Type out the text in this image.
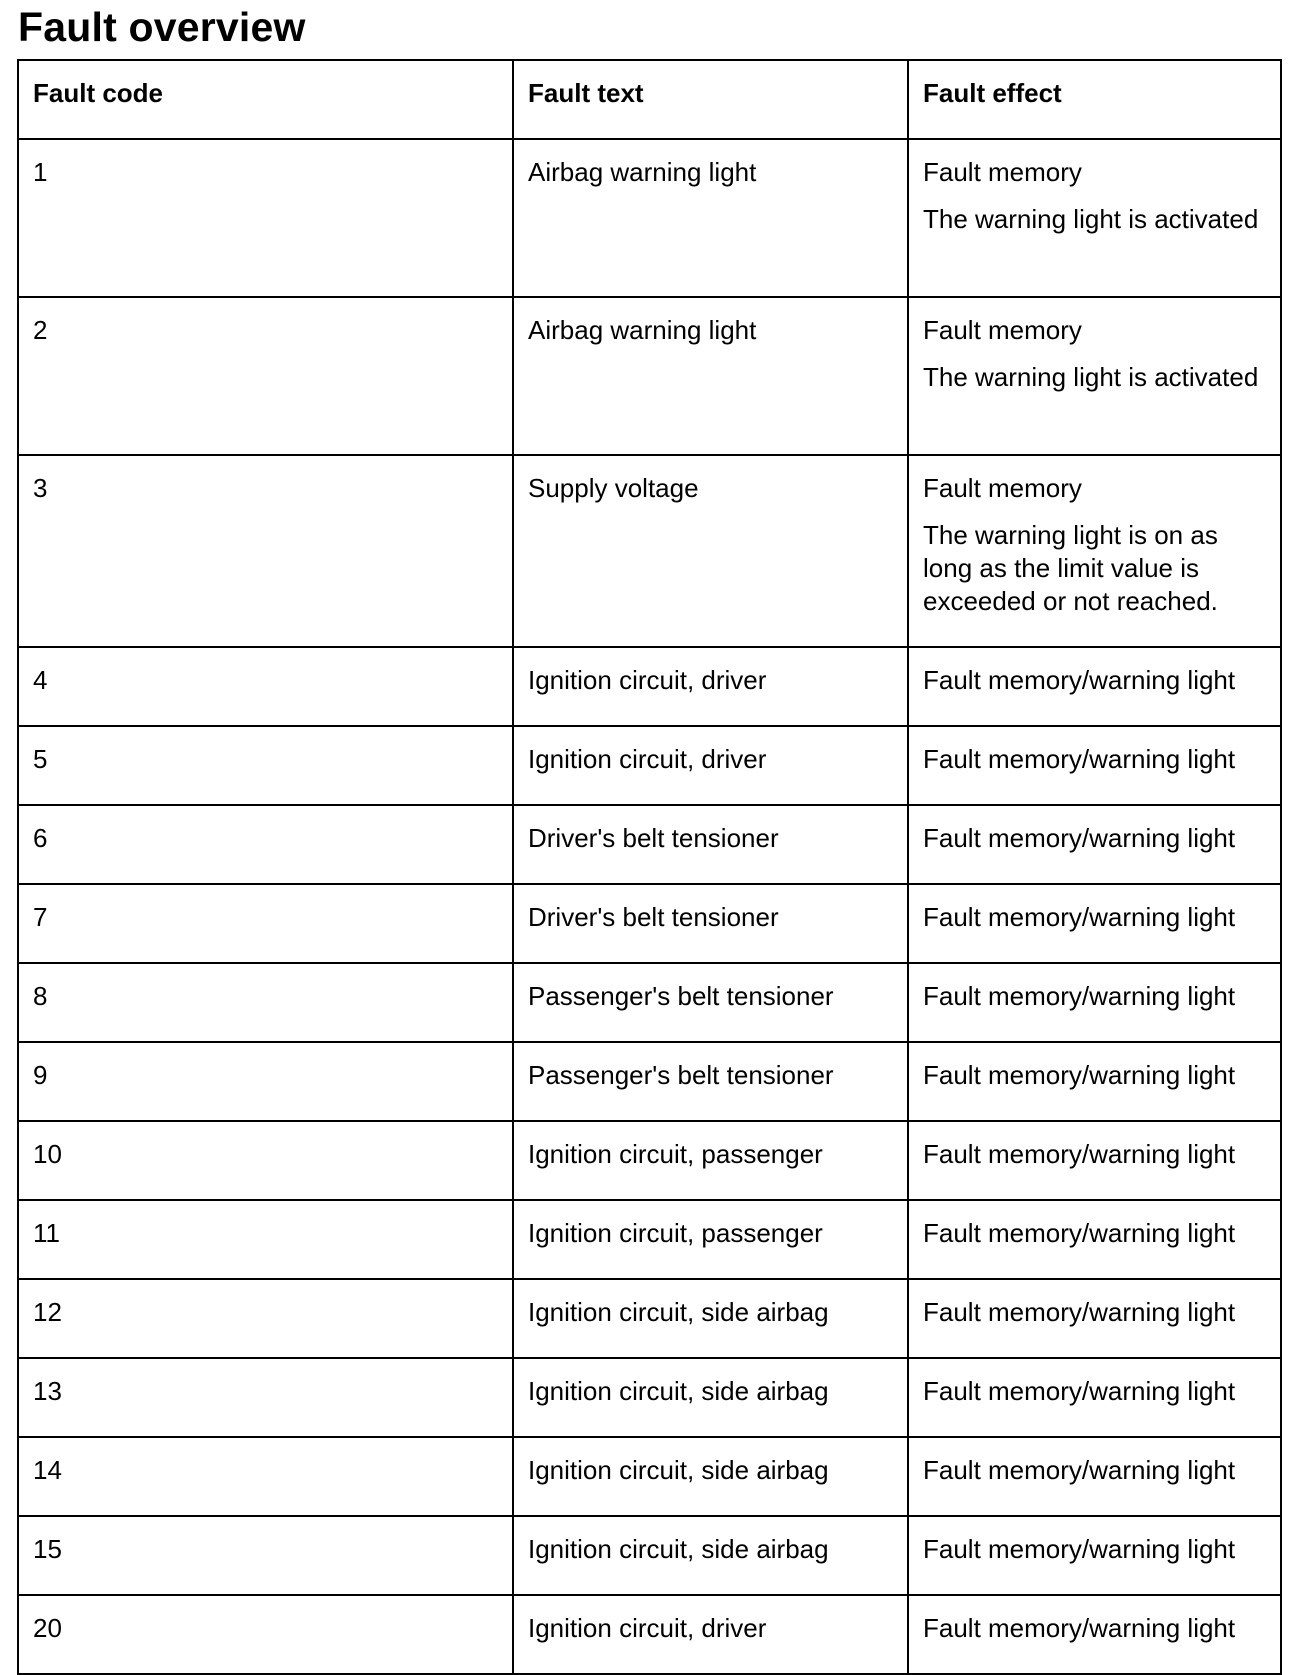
Fault overview
Fault code	Fault text	Fault effect
1	Airbag warning light	Fault memory
The warning light is activated

2	Airbag warning light	Fault memory
The warning light is activated

3	Supply voltage	Fault memory
The warning light is on as long as the limit value is exceeded or not reached.

4	Ignition circuit, driver	Fault memory/warning light

5	Ignition circuit, driver	Fault memory/warning light

6	Driver's belt tensioner	Fault memory/warning light

7	Driver's belt tensioner	Fault memory/warning light

8	Passenger's belt tensioner	Fault memory/warning light

9	Passenger's belt tensioner	Fault memory/warning light

10	Ignition circuit, passenger	Fault memory/warning light

11	Ignition circuit, passenger	Fault memory/warning light

12	Ignition circuit, side airbag	Fault memory/warning light

13	Ignition circuit, side airbag	Fault memory/warning light

14	Ignition circuit, side airbag	Fault memory/warning light

15	Ignition circuit, side airbag	Fault memory/warning light

20	Ignition circuit, driver	Fault memory/warning light
